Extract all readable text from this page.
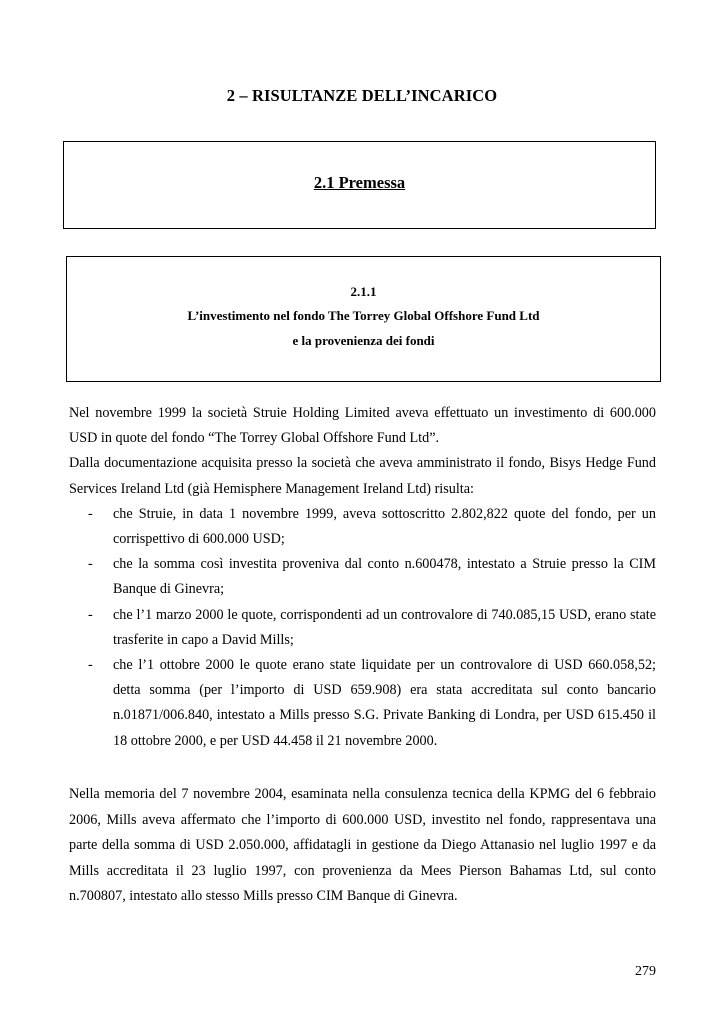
2 – RISULTANZE DELL’INCARICO
2.1 Premessa
2.1.1
L’investimento nel fondo The Torrey Global Offshore Fund Ltd
e la provenienza dei fondi

Nel novembre 1999 la società Struie Holding Limited aveva effettuato un investimento di 600.000 USD in quote del fondo “The Torrey Global Offshore Fund Ltd”.

Dalla documentazione acquisita presso la società che aveva amministrato il fondo, Bisys Hedge Fund Services Ireland Ltd (già Hemisphere Management Ireland Ltd) risulta:

- che Struie, in data 1 novembre 1999, aveva sottoscritto 2.802,822 quote del fondo, per un corrispettivo di 600.000 USD;
- che la somma così investita proveniva dal conto n.600478, intestato a Struie presso la CIM Banque di Ginevra;
- che l’1 marzo 2000 le quote, corrispondenti ad un controvalore di 740.085,15 USD, erano state trasferite in capo a David Mills;
- che l’1 ottobre 2000 le quote erano state liquidate per un controvalore di USD 660.058,52; detta somma (per l’importo di USD 659.908) era stata accreditata sul conto bancario n.01871/006.840, intestato a Mills presso S.G. Private Banking di Londra, per USD 615.450 il 18 ottobre 2000, e per USD 44.458 il 21 novembre 2000.

Nella memoria del 7 novembre 2004, esaminata nella consulenza tecnica della KPMG del 6 febbraio 2006, Mills aveva affermato che l’importo di 600.000 USD, investito nel fondo, rappresentava una parte della somma di USD 2.050.000, affidatagli in gestione da Diego Attanasio nel luglio 1997 e da Mills accreditata il 23 luglio 1997, con provenienza da Mees Pierson Bahamas Ltd, sul conto n.700807, intestato allo stesso Mills presso CIM Banque di Ginevra.

279
